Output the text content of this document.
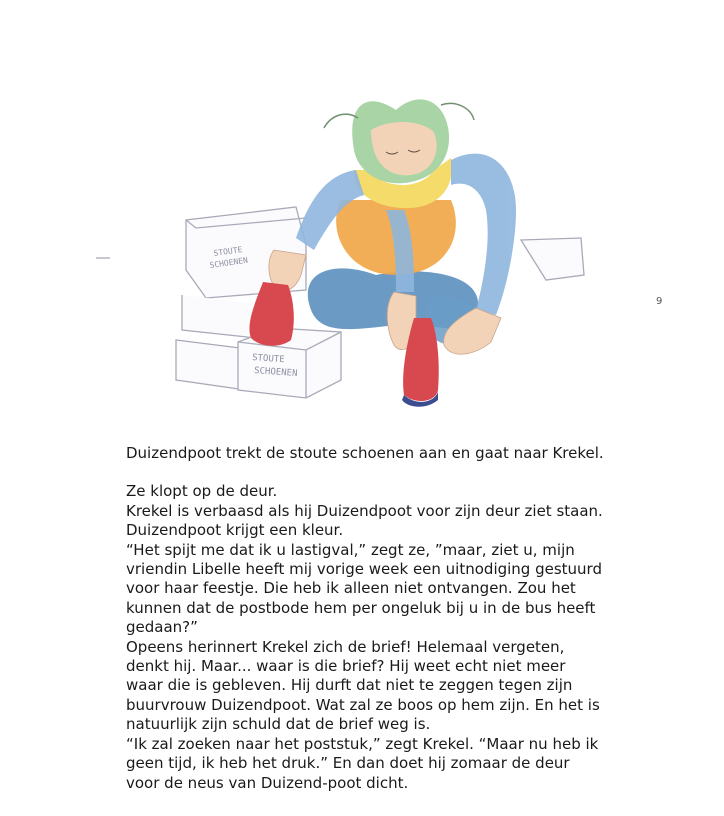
STOUTE
SCHOENEN
STOUTE
SCHOENEN
9

Duizendpoot trekt de stoute schoenen aan en gaat naar Krekel.

Ze klopt op de deur.

Krekel is verbaasd als hij Duizendpoot voor zijn deur ziet staan.

Duizendpoot krijgt een kleur.

“Het spijt me dat ik u lastigval,” zegt ze, ”maar, ziet u, mijn vriendin Libelle heeft mij vorige week een uitnodiging gestuurd voor haar feestje. Die heb ik alleen niet ontvangen. Zou het kunnen dat de postbode hem per ongeluk bij u in de bus heeft gedaan?”

Opeens herinnert Krekel zich de brief! Helemaal vergeten, denkt hij. Maar... waar is die brief? Hij weet echt niet meer waar die is gebleven. Hij durft dat niet te zeggen tegen zijn buurvrouw Duizendpoot. Wat zal ze boos op hem zijn. En het is natuurlijk zijn schuld dat de brief weg is.

“Ik zal zoeken naar het poststuk,” zegt Krekel. “Maar nu heb ik geen tijd, ik heb het druk.” En dan doet hij zomaar de deur voor de neus van Duizend-poot dicht.
